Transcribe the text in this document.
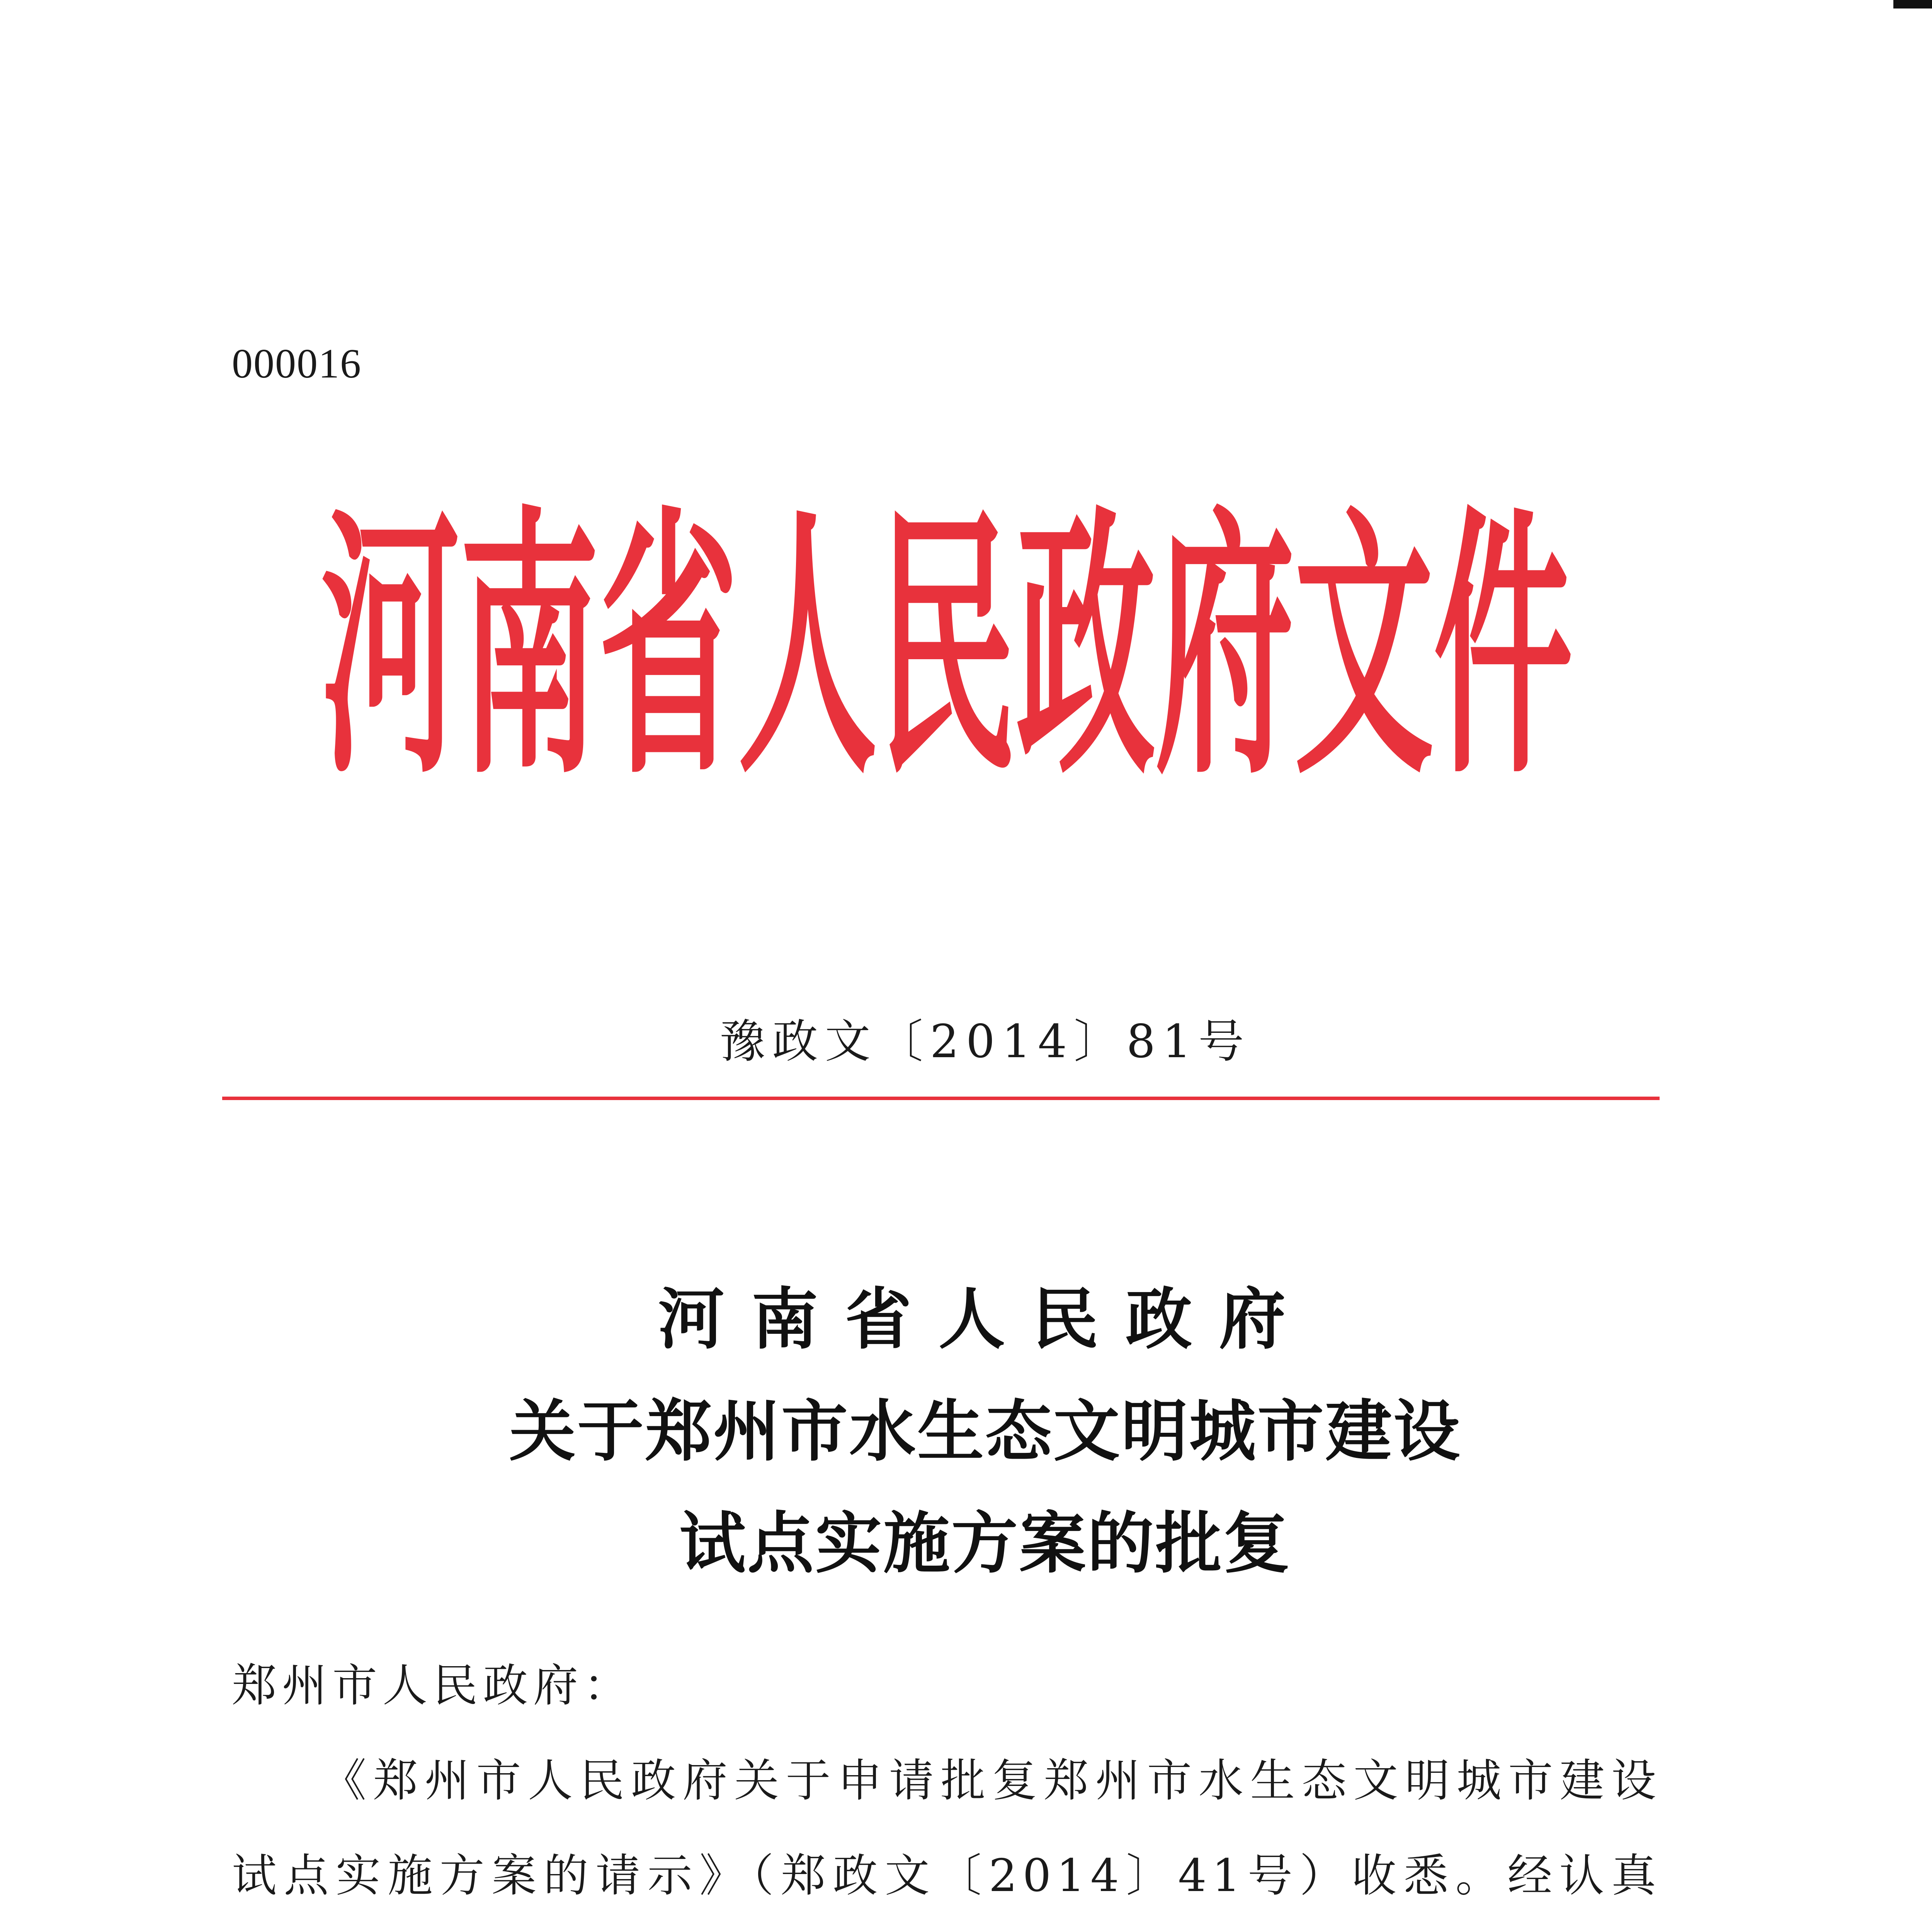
000016
河南省人民政府文件
豫政文〔2014〕81号
河南省人民政府
关于郑州市水生态文明城市建设
试点实施方案的批复

郑州市人民政府：

《郑州市人民政府关于申请批复郑州市水生态文明城市建设试点实施方案的请示》（郑政文〔2014〕41号）收悉。经认真
